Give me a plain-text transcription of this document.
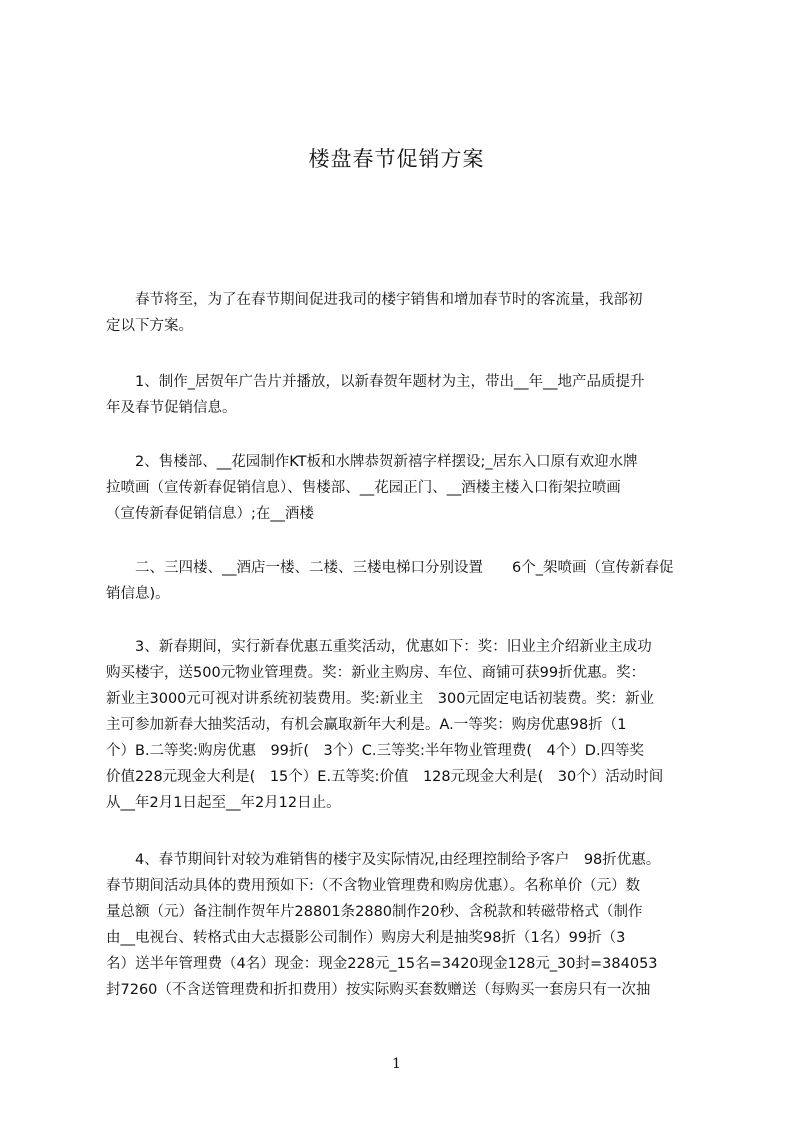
楼盘春节促销方案
　　春节将至，为了在春节期间促进我司的楼宇销售和增加春节时的客流量，我部初
定以下方案。
　　1、制作_居贺年广告片并播放，以新春贺年题材为主，带出__年__地产品质提升
年及春节促销信息。
　　2、售楼部、__花园制作KT板和水牌恭贺新禧字样摆设;_居东入口原有欢迎水牌
拉喷画（宣传新春促销信息）、售楼部、__花园正门、__酒楼主楼入口衔架拉喷画
（宣传新春促销信息）;在__酒楼
　　二、三四楼、__酒店一楼、二楼、三楼电梯口分别设置　　6个_架喷画（宣传新春促
销信息)。
　　3、新春期间，实行新春优惠五重奖活动，优惠如下：奖：旧业主介绍新业主成功
购买楼宇，送500元物业管理费。奖：新业主购房、车位、商铺可获99折优惠。奖：
新业主3000元可视对讲系统初装费用。奖:新业主　300元固定电话初装费。奖：新业
主可参加新春大抽奖活动，有机会赢取新年大利是。A.一等奖：购房优惠98折（1
个）B.二等奖:购房优惠　99折(　3个）C.三等奖:半年物业管理费(　4个）D.四等奖
价值228元现金大利是(　15个）E.五等奖:价值　128元现金大利是(　30个）活动时间
从__年2月1日起至__年2月12日止。
　　4、春节期间针对较为难销售的楼宇及实际情况,由经理控制给予客户　98折优惠。
春节期间活动具体的费用预如下:（不含物业管理费和购房优惠）。名称单价（元）数
量总额（元）备注制作贺年片28801条2880制作20秒、含税款和转磁带格式（制作
由__电视台、转格式由大志摄影公司制作）购房大利是抽奖98折（1名）99折（3
名）送半年管理费（4名）现金：现金228元_15名=3420现金128元_30封=384053
封7260（不含送管理费和折扣费用）按实际购买套数赠送（每购买一套房只有一次抽
1
